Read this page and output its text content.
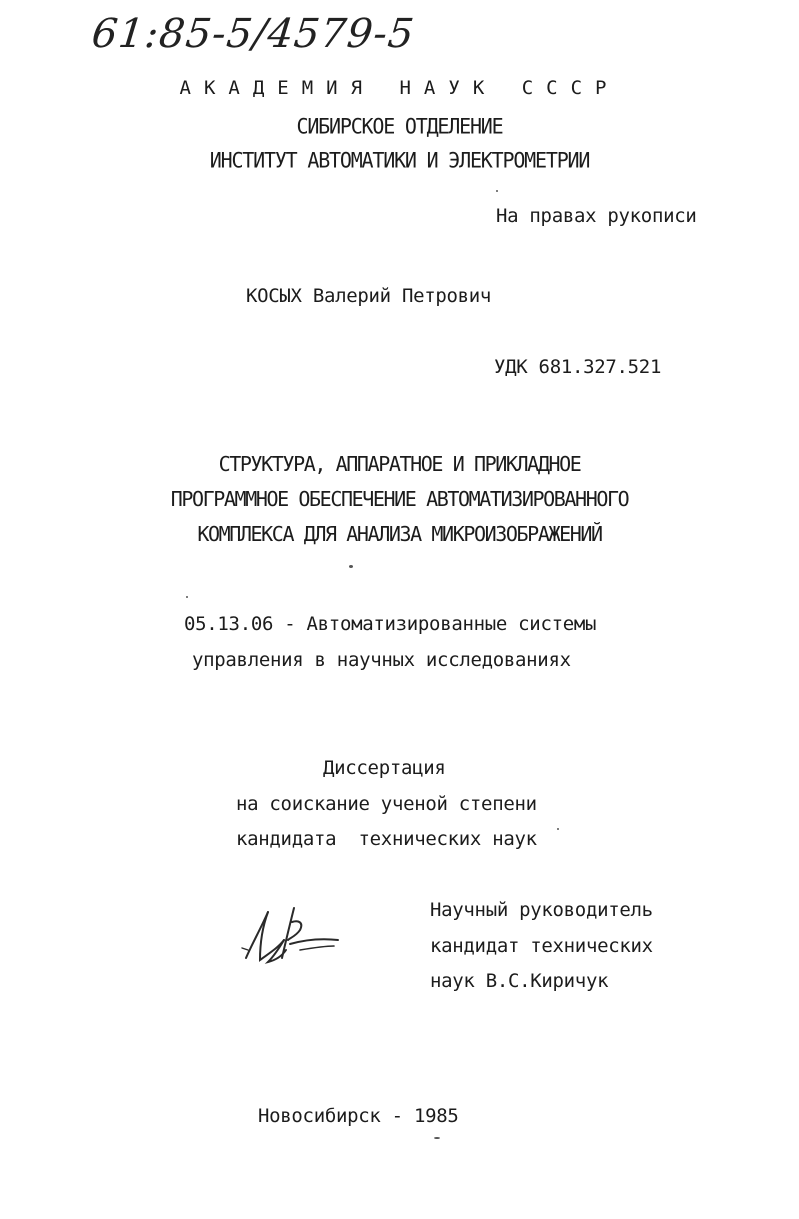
61:85-5/4579-5
АКАДЕМИЯ НАУК СССР
СИБИРСКОЕ ОТДЕЛЕНИЕ
ИНСТИТУТ АВТОМАТИКИ И ЭЛЕКТРОМЕТРИИ
На правах рукописи
КОСЫХ Валерий Петрович
УДК 681.327.521
СТРУКТУРА, АППАРАТНОЕ И ПРИКЛАДНОЕ
ПРОГРАММНОЕ ОБЕСПЕЧЕНИЕ АВТОМАТИЗИРОВАННОГО
КОМПЛЕКСА ДЛЯ АНАЛИЗА МИКРОИЗОБРАЖЕНИЙ
05.13.06 - Автоматизированные системы
управления в научных исследованиях
Диссертация
на соискание ученой степени
кандидата  технических наук
Научный руководитель
кандидат технических
наук В.С.Киричук
Новосибирск - 1985
